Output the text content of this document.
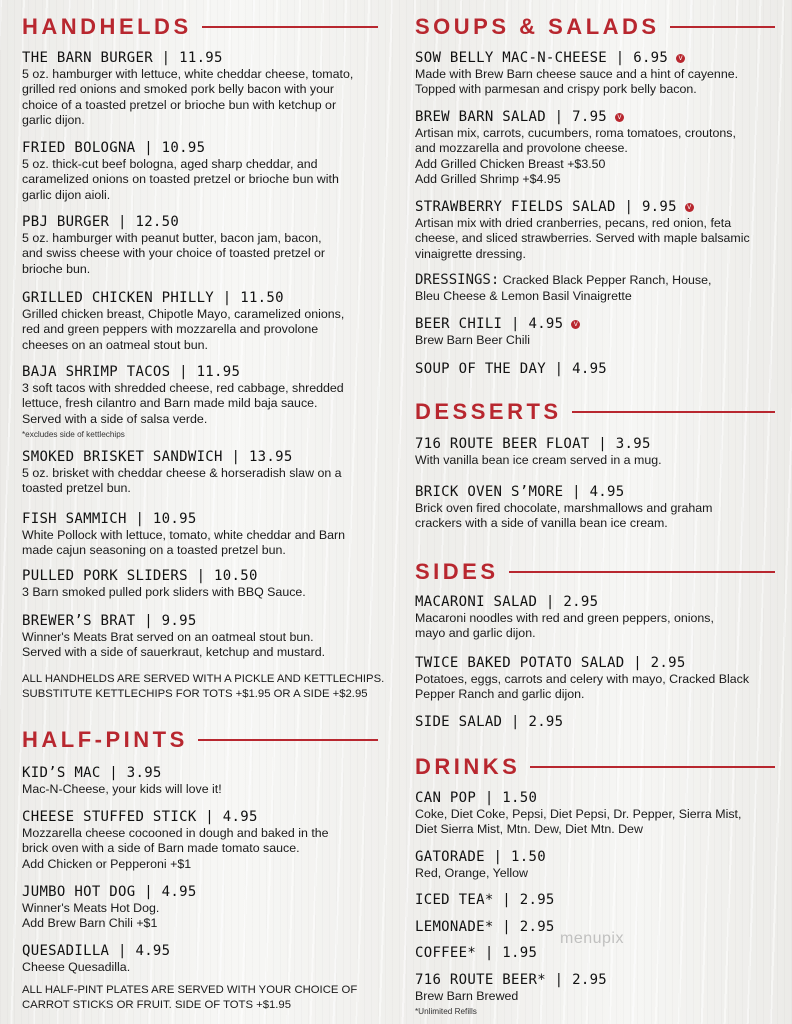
HANDHELDS
THE BARN BURGER | 11.95
5 oz. hamburger with lettuce, white cheddar cheese, tomato,
grilled red onions and smoked pork belly bacon with your
choice of a toasted pretzel or brioche bun with ketchup or
garlic dijon.
FRIED BOLOGNA | 10.95
5 oz. thick-cut beef bologna, aged sharp cheddar, and
caramelized onions on toasted pretzel or brioche bun with
garlic dijon aioli.
PBJ BURGER | 12.50
5 oz. hamburger with peanut butter, bacon jam, bacon,
and swiss cheese with your choice of toasted pretzel or
brioche bun.
GRILLED CHICKEN PHILLY | 11.50
Grilled chicken breast, Chipotle Mayo, caramelized onions,
red and green peppers with mozzarella and provolone
cheeses on an oatmeal stout bun.
BAJA SHRIMP TACOS | 11.95
3 soft tacos with shredded cheese, red cabbage, shredded
lettuce, fresh cilantro and Barn made mild baja sauce.
Served with a side of salsa verde.
*excludes side of kettlechips
SMOKED BRISKET SANDWICH | 13.95
5 oz. brisket with cheddar cheese & horseradish slaw on a
toasted pretzel bun.
FISH SAMMICH | 10.95
White Pollock with lettuce, tomato, white cheddar and Barn
made cajun seasoning on a toasted pretzel bun.
PULLED PORK SLIDERS | 10.50
3 Barn smoked pulled pork sliders with BBQ Sauce.
BREWER’S BRAT | 9.95
Winner's Meats Brat served on an oatmeal stout bun.
Served with a side of sauerkraut, ketchup and mustard.
ALL HANDHELDS ARE SERVED WITH A PICKLE AND KETTLECHIPS.
SUBSTITUTE KETTLECHIPS FOR TOTS +$1.95 OR A SIDE +$2.95
HALF-PINTS
KID’S MAC | 3.95
Mac-N-Cheese, your kids will love it!
CHEESE STUFFED STICK | 4.95
Mozzarella cheese cocooned in dough and baked in the
brick oven with a side of Barn made tomato sauce.
Add Chicken or Pepperoni +$1
JUMBO HOT DOG | 4.95
Winner's Meats Hot Dog.
Add Brew Barn Chili +$1
QUESADILLA | 4.95
Cheese Quesadilla.
ALL HALF-PINT PLATES ARE SERVED WITH YOUR CHOICE OF
CARROT STICKS OR FRUIT. SIDE OF TOTS +$1.95
SOUPS & SALADS
SOW BELLY MAC-N-CHEESE | 6.95 V
Made with Brew Barn cheese sauce and a hint of cayenne.
Topped with parmesan and crispy pork belly bacon.
BREW BARN SALAD | 7.95 V
Artisan mix, carrots, cucumbers, roma tomatoes, croutons,
and mozzarella and provolone cheese.
Add Grilled Chicken Breast +$3.50
Add Grilled Shrimp +$4.95
STRAWBERRY FIELDS SALAD | 9.95 V
Artisan mix with dried cranberries, pecans, red onion, feta
cheese, and sliced strawberries. Served with maple balsamic
vinaigrette dressing.
DRESSINGS: Cracked Black Pepper Ranch, House,
Bleu Cheese & Lemon Basil Vinaigrette
BEER CHILI | 4.95 V
Brew Barn Beer Chili
SOUP OF THE DAY | 4.95
DESSERTS
716 ROUTE BEER FLOAT | 3.95
With vanilla bean ice cream served in a mug.
BRICK OVEN S’MORE | 4.95
Brick oven fired chocolate, marshmallows and graham
crackers with a side of vanilla bean ice cream.
SIDES
MACARONI SALAD | 2.95
Macaroni noodles with red and green peppers, onions,
mayo and garlic dijon.
TWICE BAKED POTATO SALAD | 2.95
Potatoes, eggs, carrots and celery with mayo, Cracked Black
Pepper Ranch and garlic dijon.
SIDE SALAD | 2.95
DRINKS
CAN POP | 1.50
Coke, Diet Coke, Pepsi, Diet Pepsi, Dr. Pepper, Sierra Mist,
Diet Sierra Mist, Mtn. Dew, Diet Mtn. Dew
GATORADE | 1.50
Red, Orange, Yellow
ICED TEA* | 2.95
LEMONADE* | 2.95
COFFEE* | 1.95
716 ROUTE BEER* | 2.95
Brew Barn Brewed
*Unlimited Refills
menupix
